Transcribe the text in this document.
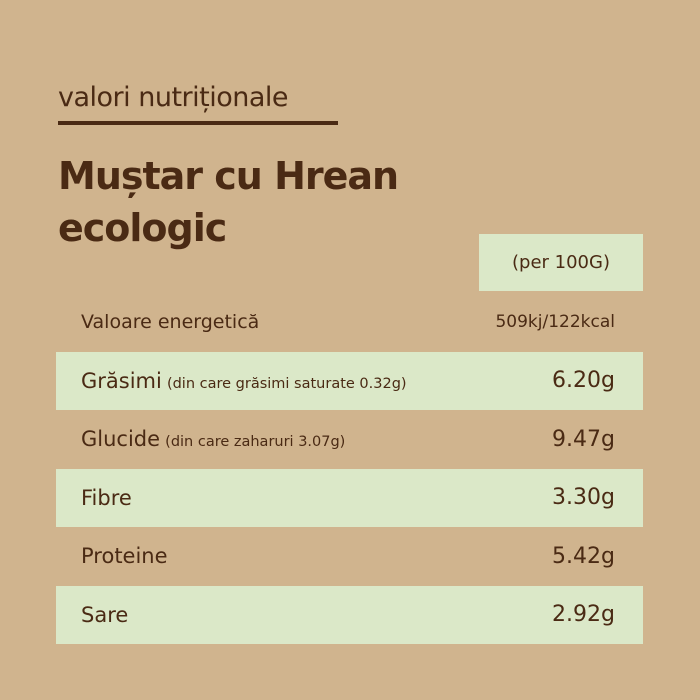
valori nutriționale
Muștar cu Hrean
ecologic
(per 100G)
Valoare energetică	509kj/122kcal
Grăsimi (din care grăsimi saturate 0.32g)	6.20g
Glucide (din care zaharuri 3.07g)	9.47g
Fibre	3.30g
Proteine	5.42g
Sare	2.92g
